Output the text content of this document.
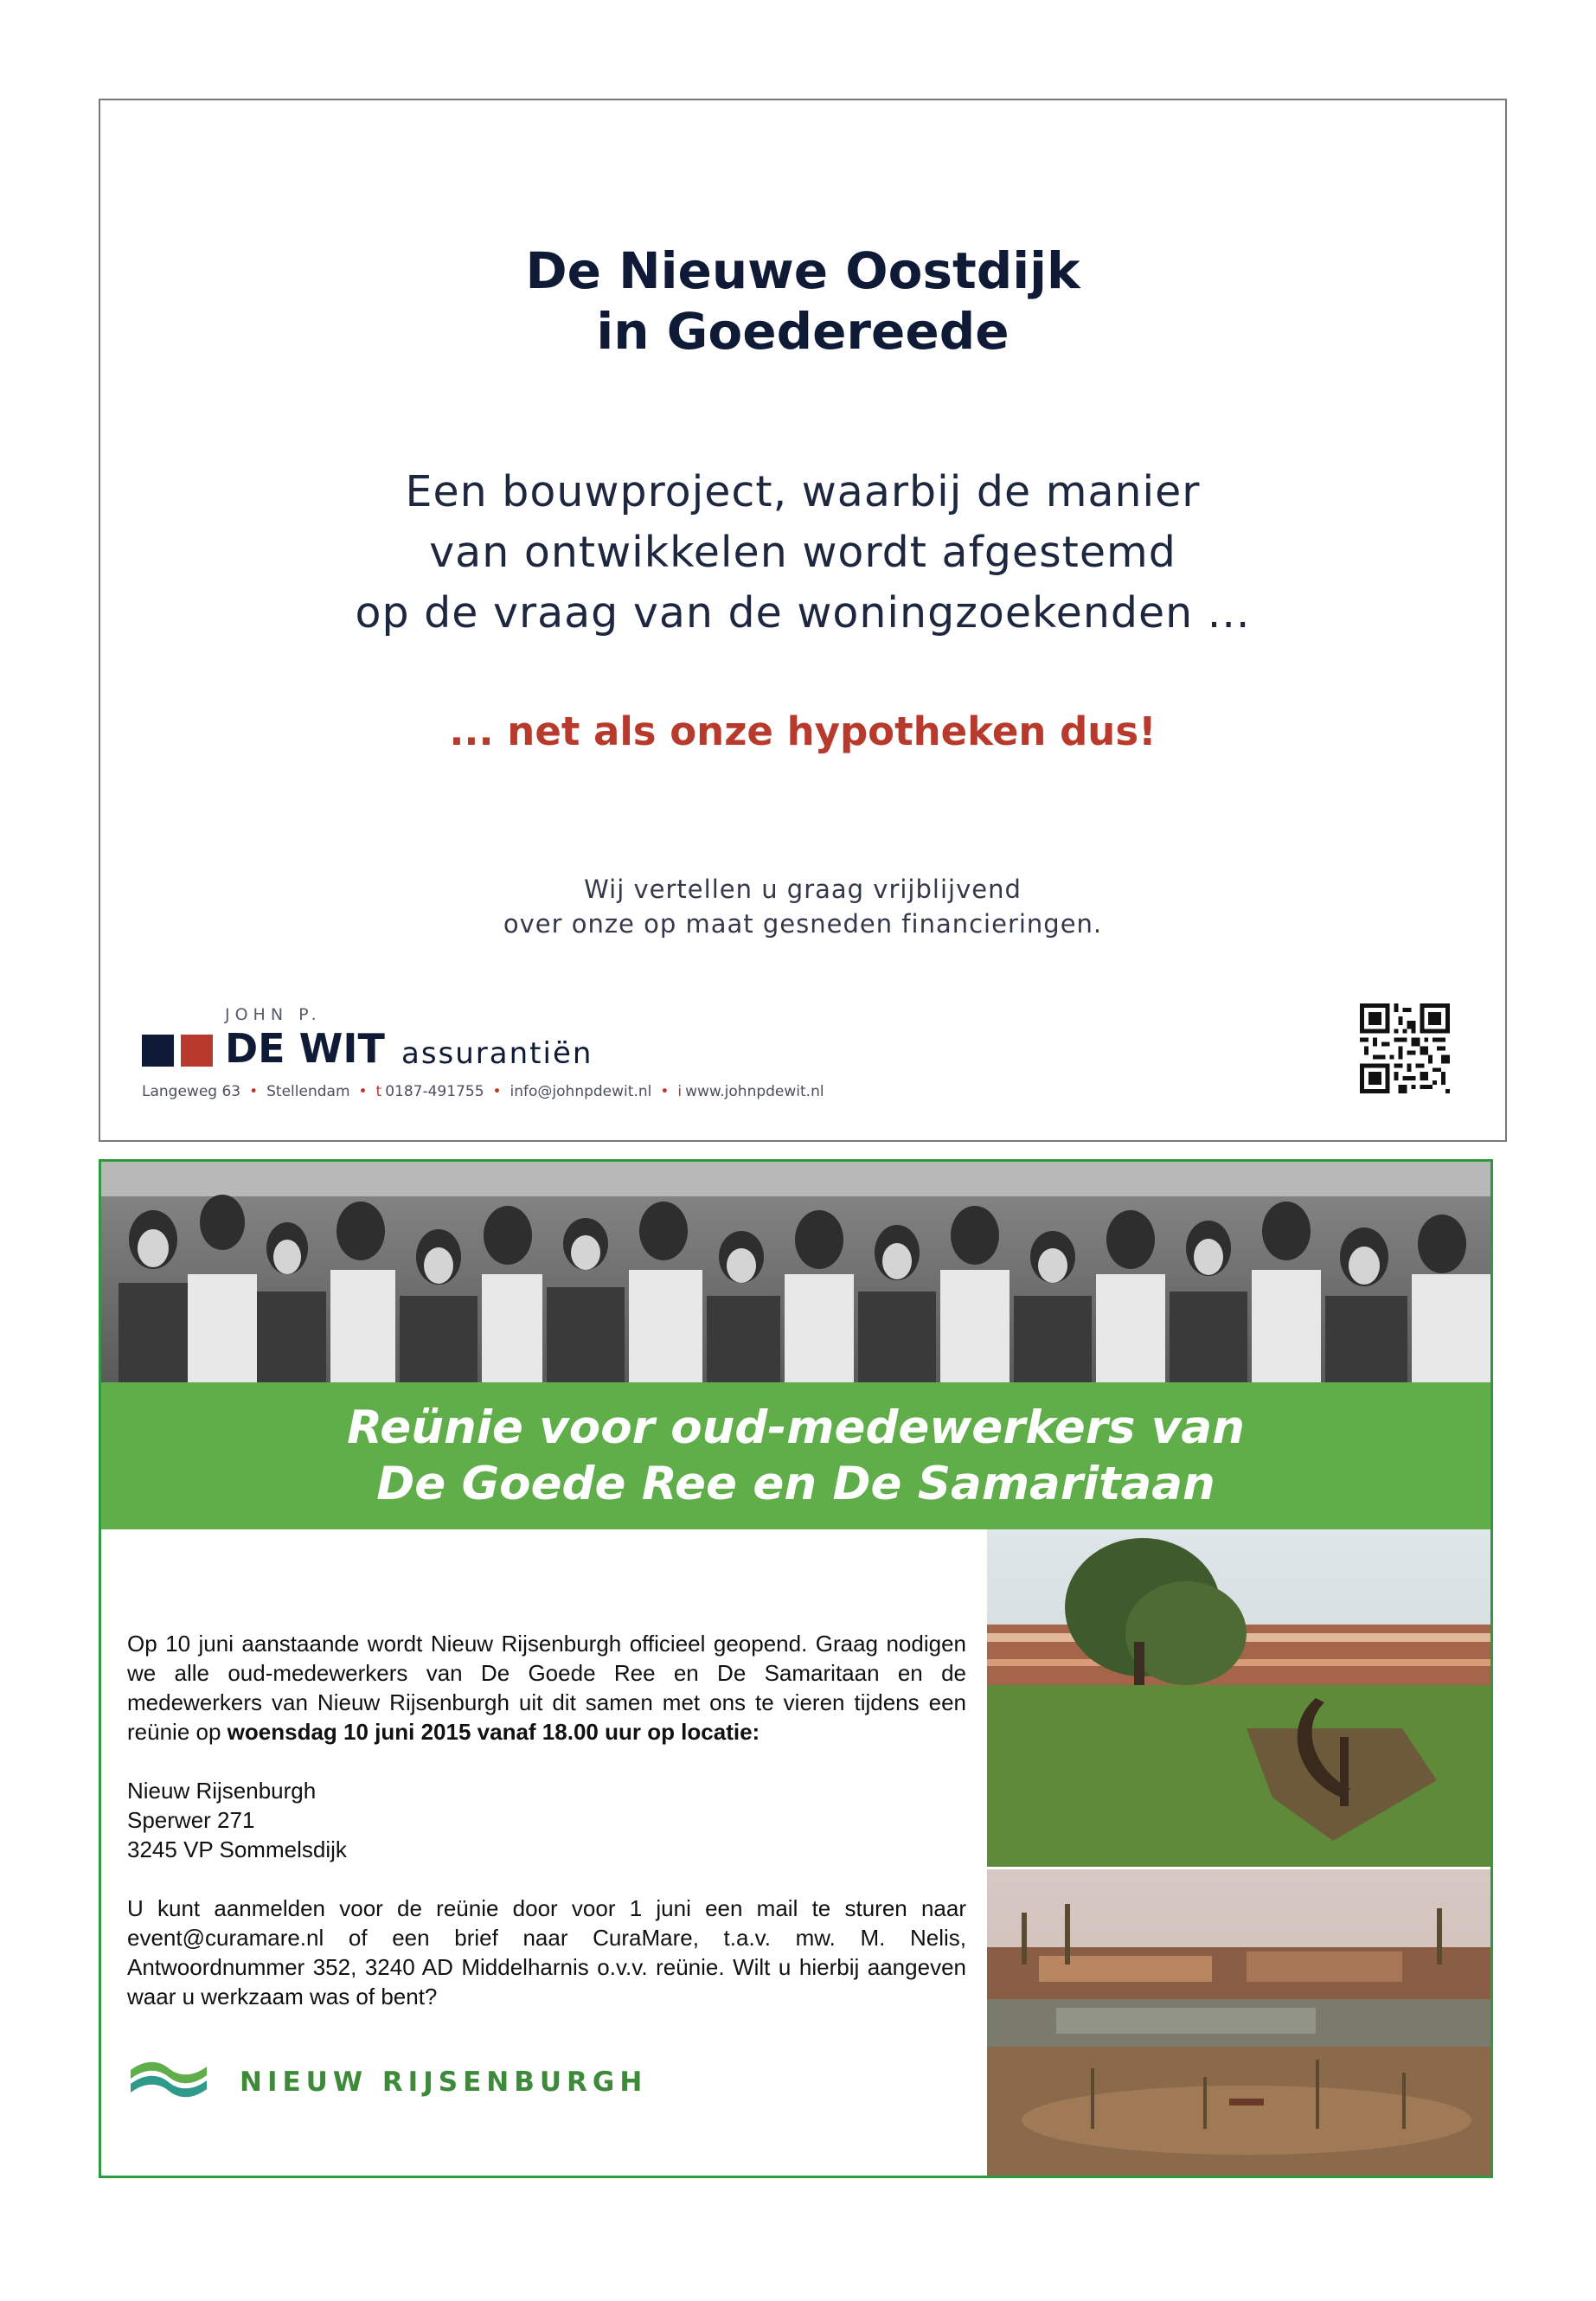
De Nieuwe Oostdijk
in Goedereede
Een bouwproject, waarbij de manier
van ontwikkelen wordt afgestemd
op de vraag van de woningzoekenden ...
... net als onze hypotheken dus!
Wij vertellen u graag vrijblijvend
over onze op maat gesneden financieringen.
JOHN P.
DE WIT assurantiën
Langeweg 63 • Stellendam • t 0187-491755 • info@johnpdewit.nl • i www.johnpdewit.nl
Reünie voor oud-medewerkers van
De Goede Ree en De Samaritaan

Op 10 juni aanstaande wordt Nieuw Rijsenburgh officieel geopend. Graag nodigen we alle oud-medewerkers van De Goede Ree en De Samaritaan en de medewerkers van Nieuw Rijsenburgh uit dit samen met ons te vieren tijdens een reünie op woensdag 10 juni 2015 vanaf 18.00 uur op locatie:

Nieuw Rijsenburgh
Sperwer 271
3245 VP Sommelsdijk

U kunt aanmelden voor de reünie door voor 1 juni een mail te sturen naar event@curamare.nl of een brief naar CuraMare, t.a.v. mw. M. Nelis, Antwoordnummer 352, 3240 AD Middelharnis o.v.v. reünie. Wilt u hierbij aangeven waar u werkzaam was of bent?

NIEUW RIJSENBURGH
